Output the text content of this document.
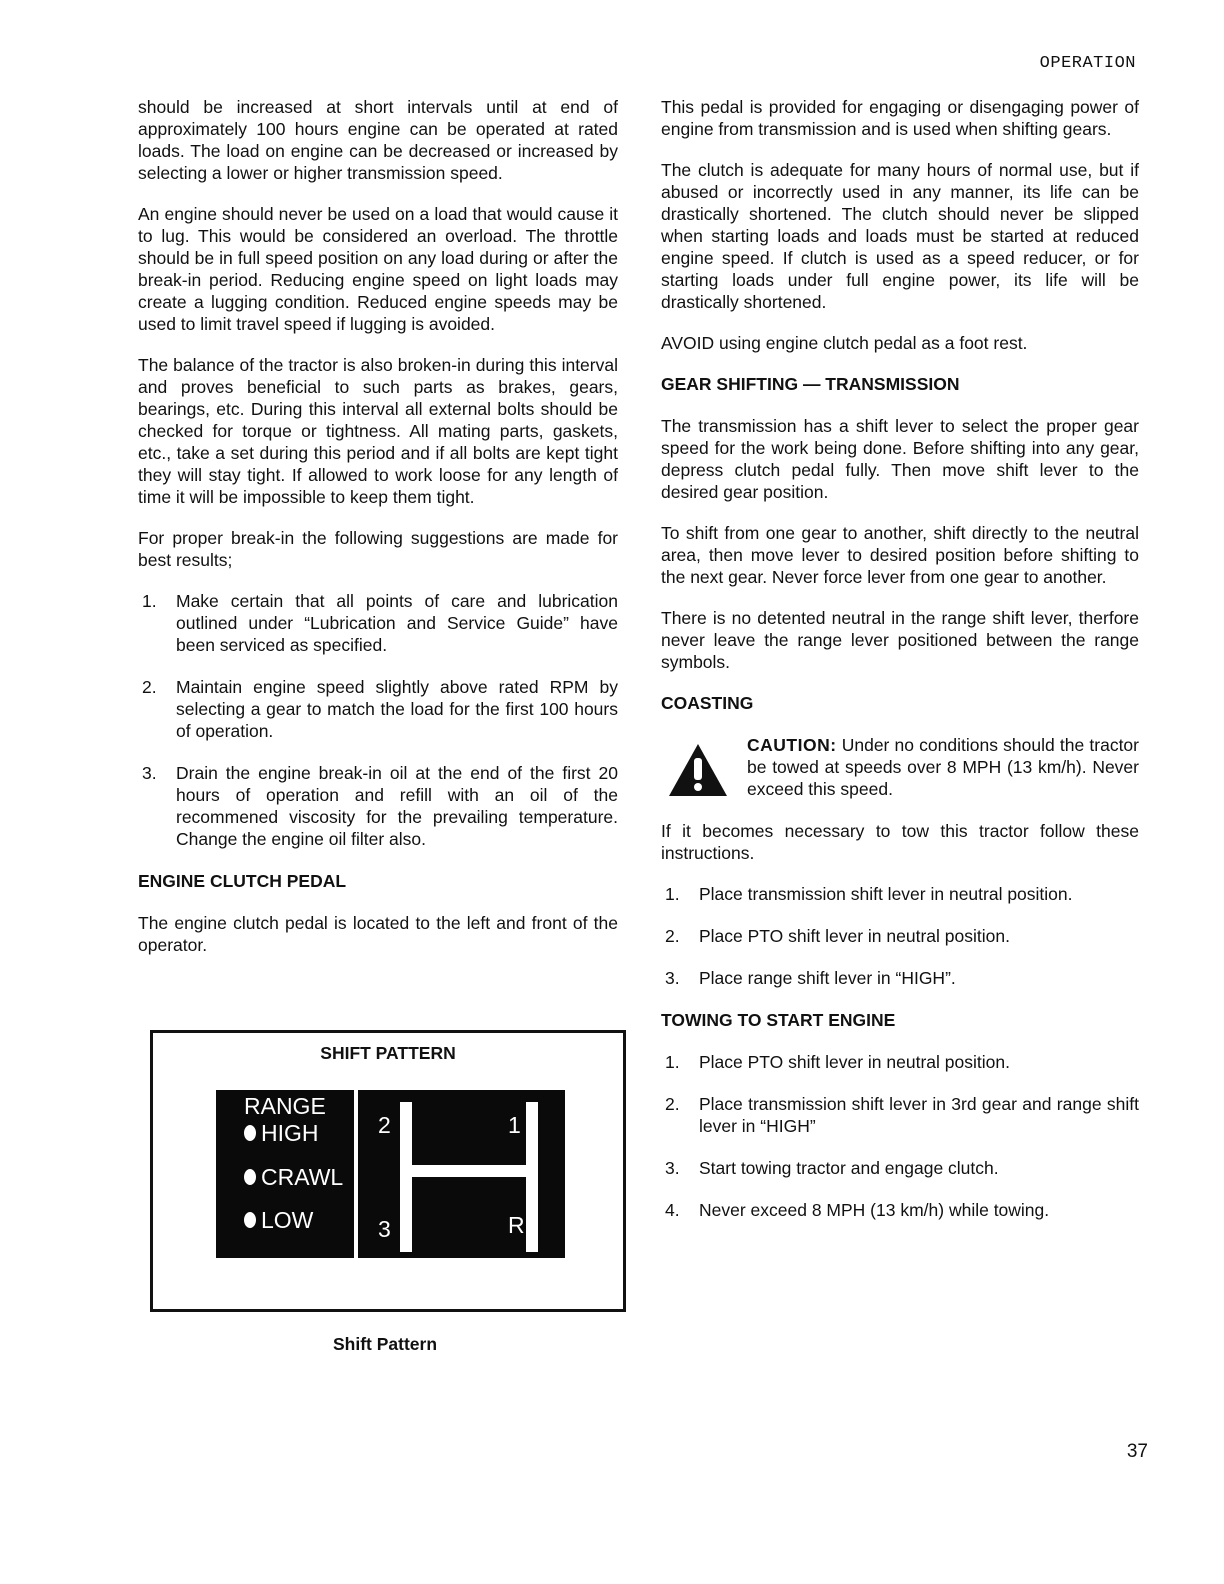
OPERATION

should be increased at short intervals until at end of approximately 100 hours engine can be operated at rated loads. The load on engine can be decreased or increased by selecting a lower or higher transmission speed.

An engine should never be used on a load that would cause it to lug. This would be considered an overload. The throttle should be in full speed position on any load during or after the break-in period. Reducing engine speed on light loads may create a lugging condition. Reduced engine speeds may be used to limit travel speed if lugging is avoided.

The balance of the tractor is also broken-in during this interval and proves beneficial to such parts as brakes, gears, bearings, etc. During this interval all external bolts should be checked for torque or tightness. All mating parts, gaskets, etc., take a set during this period and if all bolts are kept tight they will stay tight. If allowed to work loose for any length of time it will be impossible to keep them tight.

For proper break-in the following suggestions are made for best results;

1. Make certain that all points of care and lubrication outlined under “Lubrication and Service Guide” have been serviced as specified.
2. Maintain engine speed slightly above rated RPM by selecting a gear to match the load for the first 100 hours of operation.
3. Drain the engine break-in oil at the end of the first 20 hours of operation and refill with an oil of the recommened viscosity for the prevailing temperature. Change the engine oil filter also.
ENGINE CLUTCH PEDAL

The engine clutch pedal is located to the left and front of the operator.

SHIFT PATTERN
RANGE
HIGH
CRAWL
LOW
2	1
3	R
Shift Pattern

This pedal is provided for engaging or disengaging power of engine from transmission and is used when shifting gears.

The clutch is adequate for many hours of normal use, but if abused or incorrectly used in any manner, its life can be drastically shortened. The clutch should never be slipped when starting loads and loads must be started at reduced engine speed. If clutch is used as a speed reducer, or for starting loads under full engine power, its life will be drastically shortened.

AVOID using engine clutch pedal as a foot rest.

GEAR SHIFTING — TRANSMISSION

The transmission has a shift lever to select the proper gear speed for the work being done. Before shifting into any gear, depress clutch pedal fully. Then move shift lever to the desired gear position.

To shift from one gear to another, shift directly to the neutral area, then move lever to desired position before shifting to the next gear. Never force lever from one gear to another.

There is no detented neutral in the range shift lever, therfore never leave the range lever positioned between the range symbols.

COASTING

CAUTION: Under no conditions should the tractor be towed at speeds over 8 MPH (13 km/h). Never exceed this speed.

If it becomes necessary to tow this tractor follow these instructions.

1. Place transmission shift lever in neutral position.
2. Place PTO shift lever in neutral position.
3. Place range shift lever in “HIGH”.
TOWING TO START ENGINE
1. Place PTO shift lever in neutral position.
2. Place transmission shift lever in 3rd gear and range shift lever in “HIGH”
3. Start towing tractor and engage clutch.
4. Never exceed 8 MPH (13 km/h) while towing.
37
